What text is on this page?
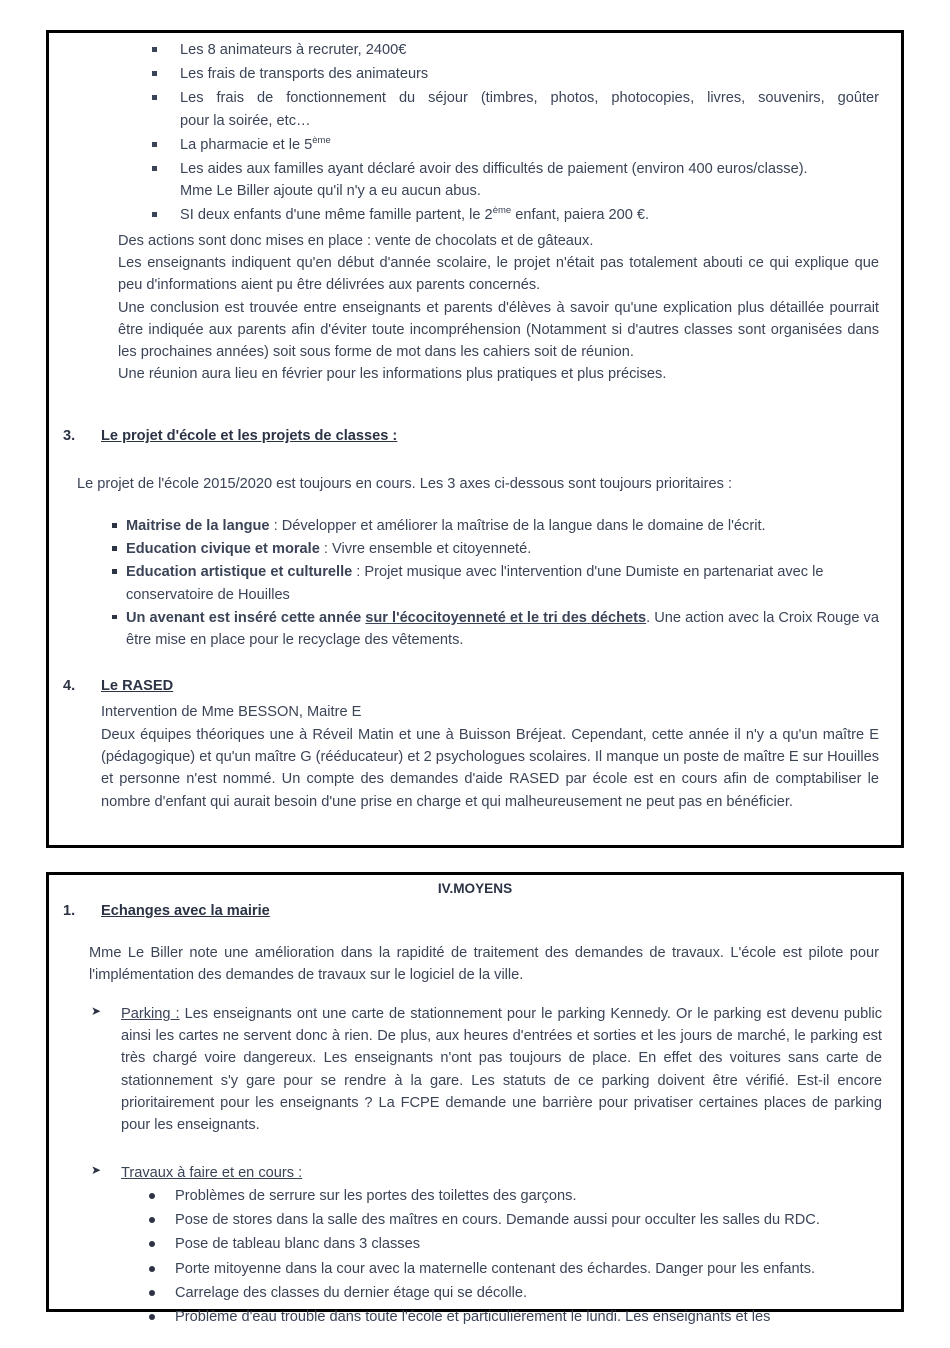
Les 8 animateurs à recruter, 2400€
Les frais de transports des animateurs
Les frais de fonctionnement du séjour (timbres, photos, photocopies, livres, souvenirs, goûter
pour la soirée, etc…
La pharmacie et le 5ème
Les aides aux familles ayant déclaré avoir des difficultés de paiement (environ 400 euros/classe).
Mme Le Biller ajoute qu'il n'y a eu aucun abus.
SI deux enfants d'une même famille partent, le 2ème enfant, paiera 200 €.

Des actions sont donc mises en place : vente de chocolats et de gâteaux.

Les enseignants indiquent qu'en début d'année scolaire, le projet n'était pas totalement abouti ce qui explique que peu d'informations aient pu être délivrées aux parents concernés.

Une conclusion est trouvée entre enseignants et parents d'élèves à savoir qu'une explication plus détaillée pourrait être indiquée aux parents afin d'éviter toute incompréhension (Notamment si d'autres classes sont organisées dans les prochaines années) soit sous forme de mot dans les cahiers soit de réunion.

Une réunion aura lieu en février pour les informations plus pratiques et plus précises.

3. Le projet d'école et les projets de classes :
Le projet de l'école 2015/2020 est toujours en cours. Les 3 axes ci-dessous sont toujours prioritaires :
Maitrise de la langue : Développer et améliorer la maîtrise de la langue dans le domaine de l'écrit.
Education civique et morale : Vivre ensemble et citoyenneté.
Education artistique et culturelle : Projet musique avec l'intervention d'une Dumiste en partenariat avec le conservatoire de Houilles
Un avenant est inséré cette année sur l'écocitoyenneté et le tri des déchets. Une action avec la Croix Rouge va être mise en place pour le recyclage des vêtements.
4. Le RASED
Intervention de Mme BESSON, Maitre E
Deux équipes théoriques une à Réveil Matin et une à Buisson Bréjeat. Cependant, cette année il n'y a qu'un maître E (pédagogique) et qu'un maître G (rééducateur) et 2 psychologues scolaires. Il manque un poste de maître E sur Houilles et personne n'est nommé. Un compte des demandes d'aide RASED par école est en cours afin de comptabiliser le nombre d'enfant qui aurait besoin d'une prise en charge et qui malheureusement ne peut pas en bénéficier.
IV.MOYENS
1. Echanges avec la mairie
Mme Le Biller note une amélioration dans la rapidité de traitement des demandes de travaux. L'école est pilote pour l'implémentation des demandes de travaux sur le logiciel de la ville.
➤ Parking : Les enseignants ont une carte de stationnement pour le parking Kennedy. Or le parking est devenu public ainsi les cartes ne servent donc à rien. De plus, aux heures d'entrées et sorties et les jours de marché, le parking est très chargé voire dangereux. Les enseignants n'ont pas toujours de place. En effet des voitures sans carte de stationnement s'y gare pour se rendre à la gare. Les statuts de ce parking doivent être vérifié. Est-il encore prioritairement pour les enseignants ? La FCPE demande une barrière pour privatiser certaines places de parking pour les enseignants.
➤ Travaux à faire et en cours :
Problèmes de serrure sur les portes des toilettes des garçons.
Pose de stores dans la salle des maîtres en cours. Demande aussi pour occulter les salles du RDC.
Pose de tableau blanc dans 3 classes
Porte mitoyenne dans la cour avec la maternelle contenant des échardes. Danger pour les enfants.
Carrelage des classes du dernier étage qui se décolle.
Problème d'eau trouble dans toute l'école et particulièrement le lundi. Les enseignants et les
